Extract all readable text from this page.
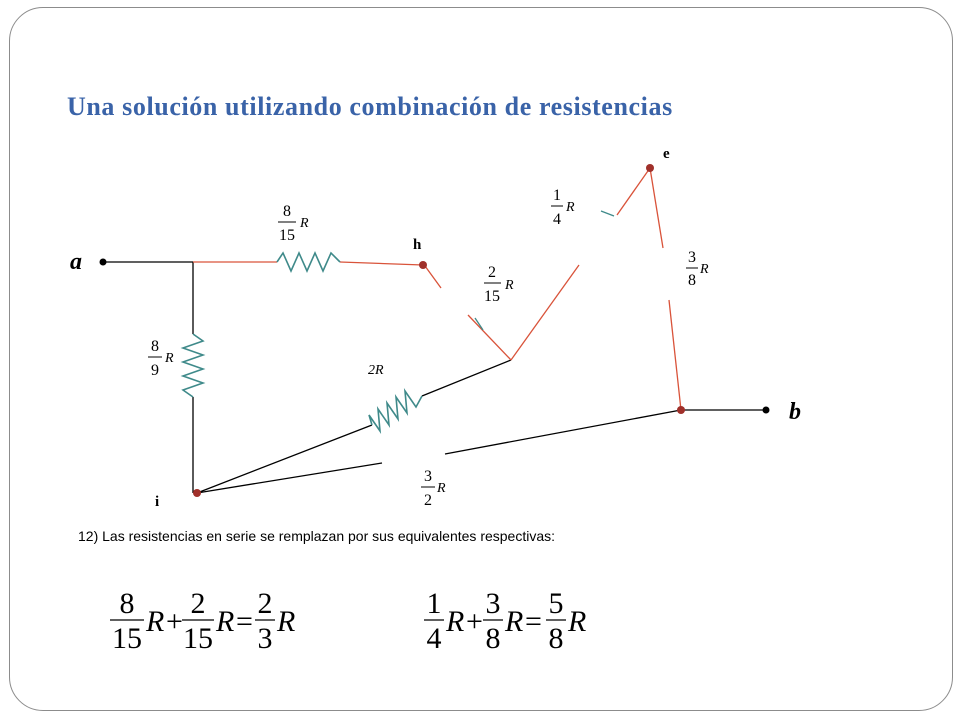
Una solución utilizando combinación de resistencias
a
b
h
e
i
8
15
R
8
9
R
2
15
R
1
4
R
3
8
R
3
2
R
2R

12) Las resistencias en serie se remplazan por sus equivalentes respectivas:

8
15
R +
2
15
R =
2
3
R
1
4
R +
3
8
R =
5
8
R
